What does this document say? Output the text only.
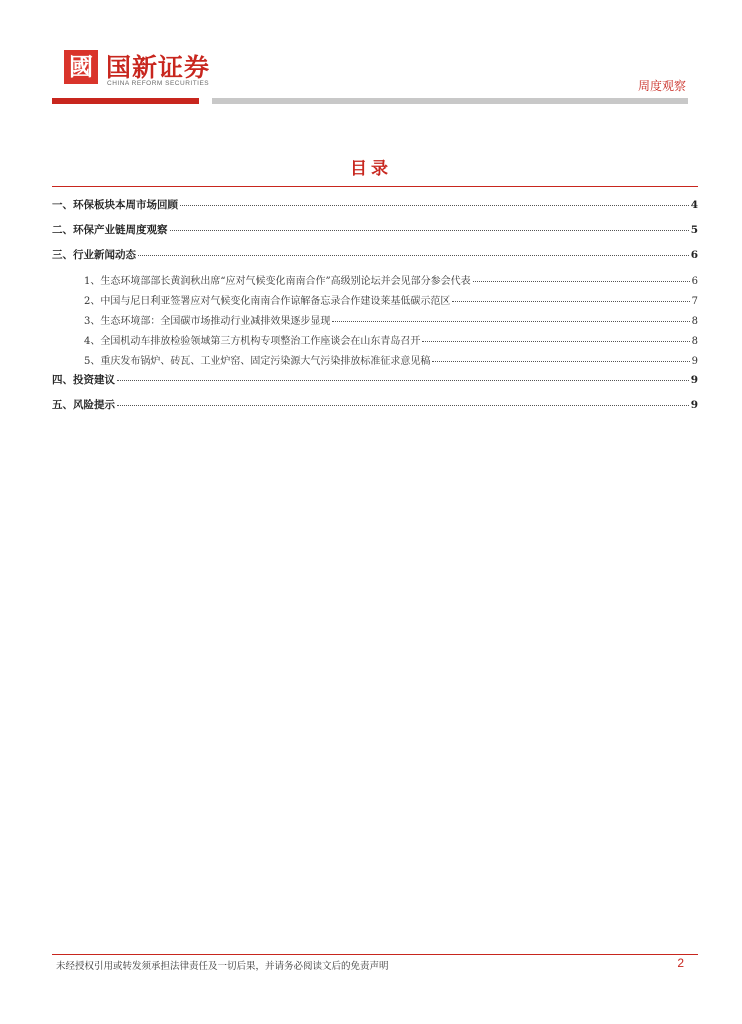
國 国新证券
CHINA REFORM SECURITIES	周度观察
目录
一、环保板块本周市场回顾	4
二、环保产业链周度观察	5
三、行业新闻动态	6
1、生态环境部部长黄润秋出席“应对气候变化南南合作”高级别论坛并会见部分参会代表	6
2、中国与尼日利亚签署应对气候变化南南合作谅解备忘录合作建设莱基低碳示范区	7
3、生态环境部：全国碳市场推动行业减排效果逐步显现	8
4、全国机动车排放检验领域第三方机构专项整治工作座谈会在山东青岛召开	8
5、重庆发布锅炉、砖瓦、工业炉窑、固定污染源大气污染排放标准征求意见稿	9
四、投资建议	9
五、风险提示	9
未经授权引用或转发须承担法律责任及一切后果，并请务必阅读文后的免责声明	2
